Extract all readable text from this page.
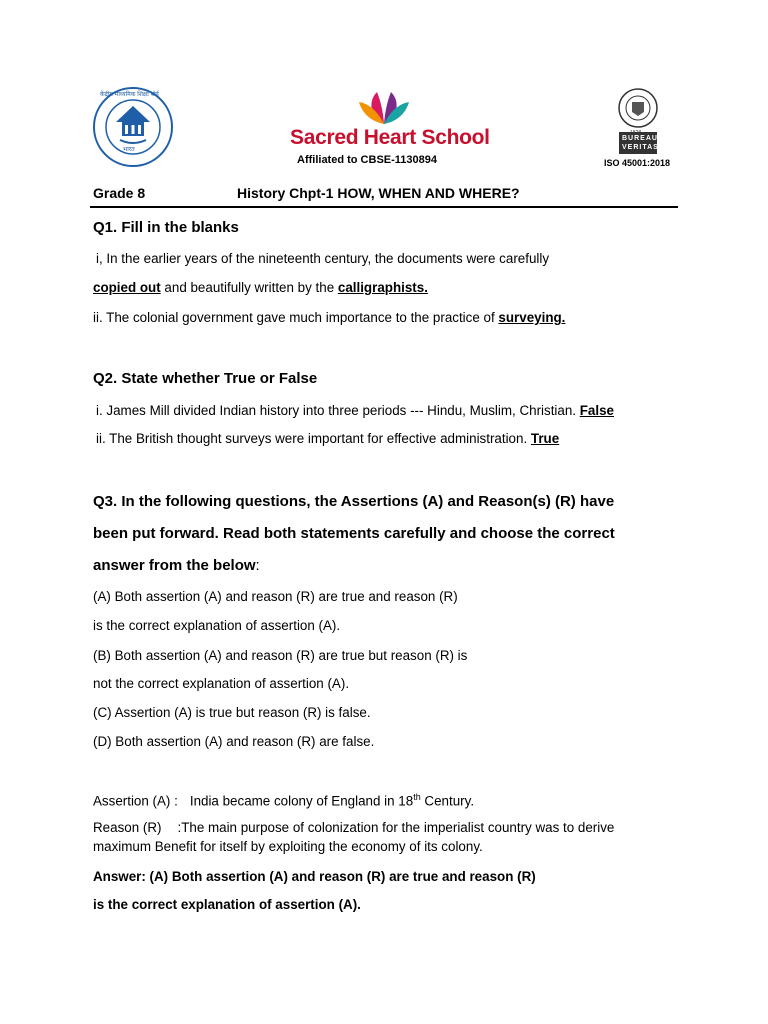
केंद्रीय माध्यमिक शिक्षा बोर्ड
भारत
Sacred Heart School
Affiliated to CBSE-1130894
1828
BUREAU
VERITAS
ISO 45001:2018
Grade 8	History Chpt-1 HOW, WHEN AND WHERE?
Q1. Fill in the blanks
i, In the earlier years of the nineteenth century, the documents were carefully
copied out and beautifully written by the calligraphists.
ii. The colonial government gave much importance to the practice of surveying.
Q2. State whether True or False
i. James Mill divided Indian history into three periods --- Hindu, Muslim, Christian. False
ii. The British thought surveys were important for effective administration. True
Q3. In the following questions, the Assertions (A) and Reason(s) (R) have
been put forward. Read both statements carefully and choose the correct
answer from the below:
(A) Both assertion (A) and reason (R) are true and reason (R)
is the correct explanation of assertion (A).
(B) Both assertion (A) and reason (R) are true but reason (R) is
not the correct explanation of assertion (A).
(C) Assertion (A) is true but reason (R) is false.
(D) Both assertion (A) and reason (R) are false.
Assertion (A) : India became colony of England in 18th Century.
Reason (R) :The main purpose of colonization for the imperialist country was to derive
maximum Benefit for itself by exploiting the economy of its colony.
Answer: (A) Both assertion (A) and reason (R) are true and reason (R)
is the correct explanation of assertion (A).
